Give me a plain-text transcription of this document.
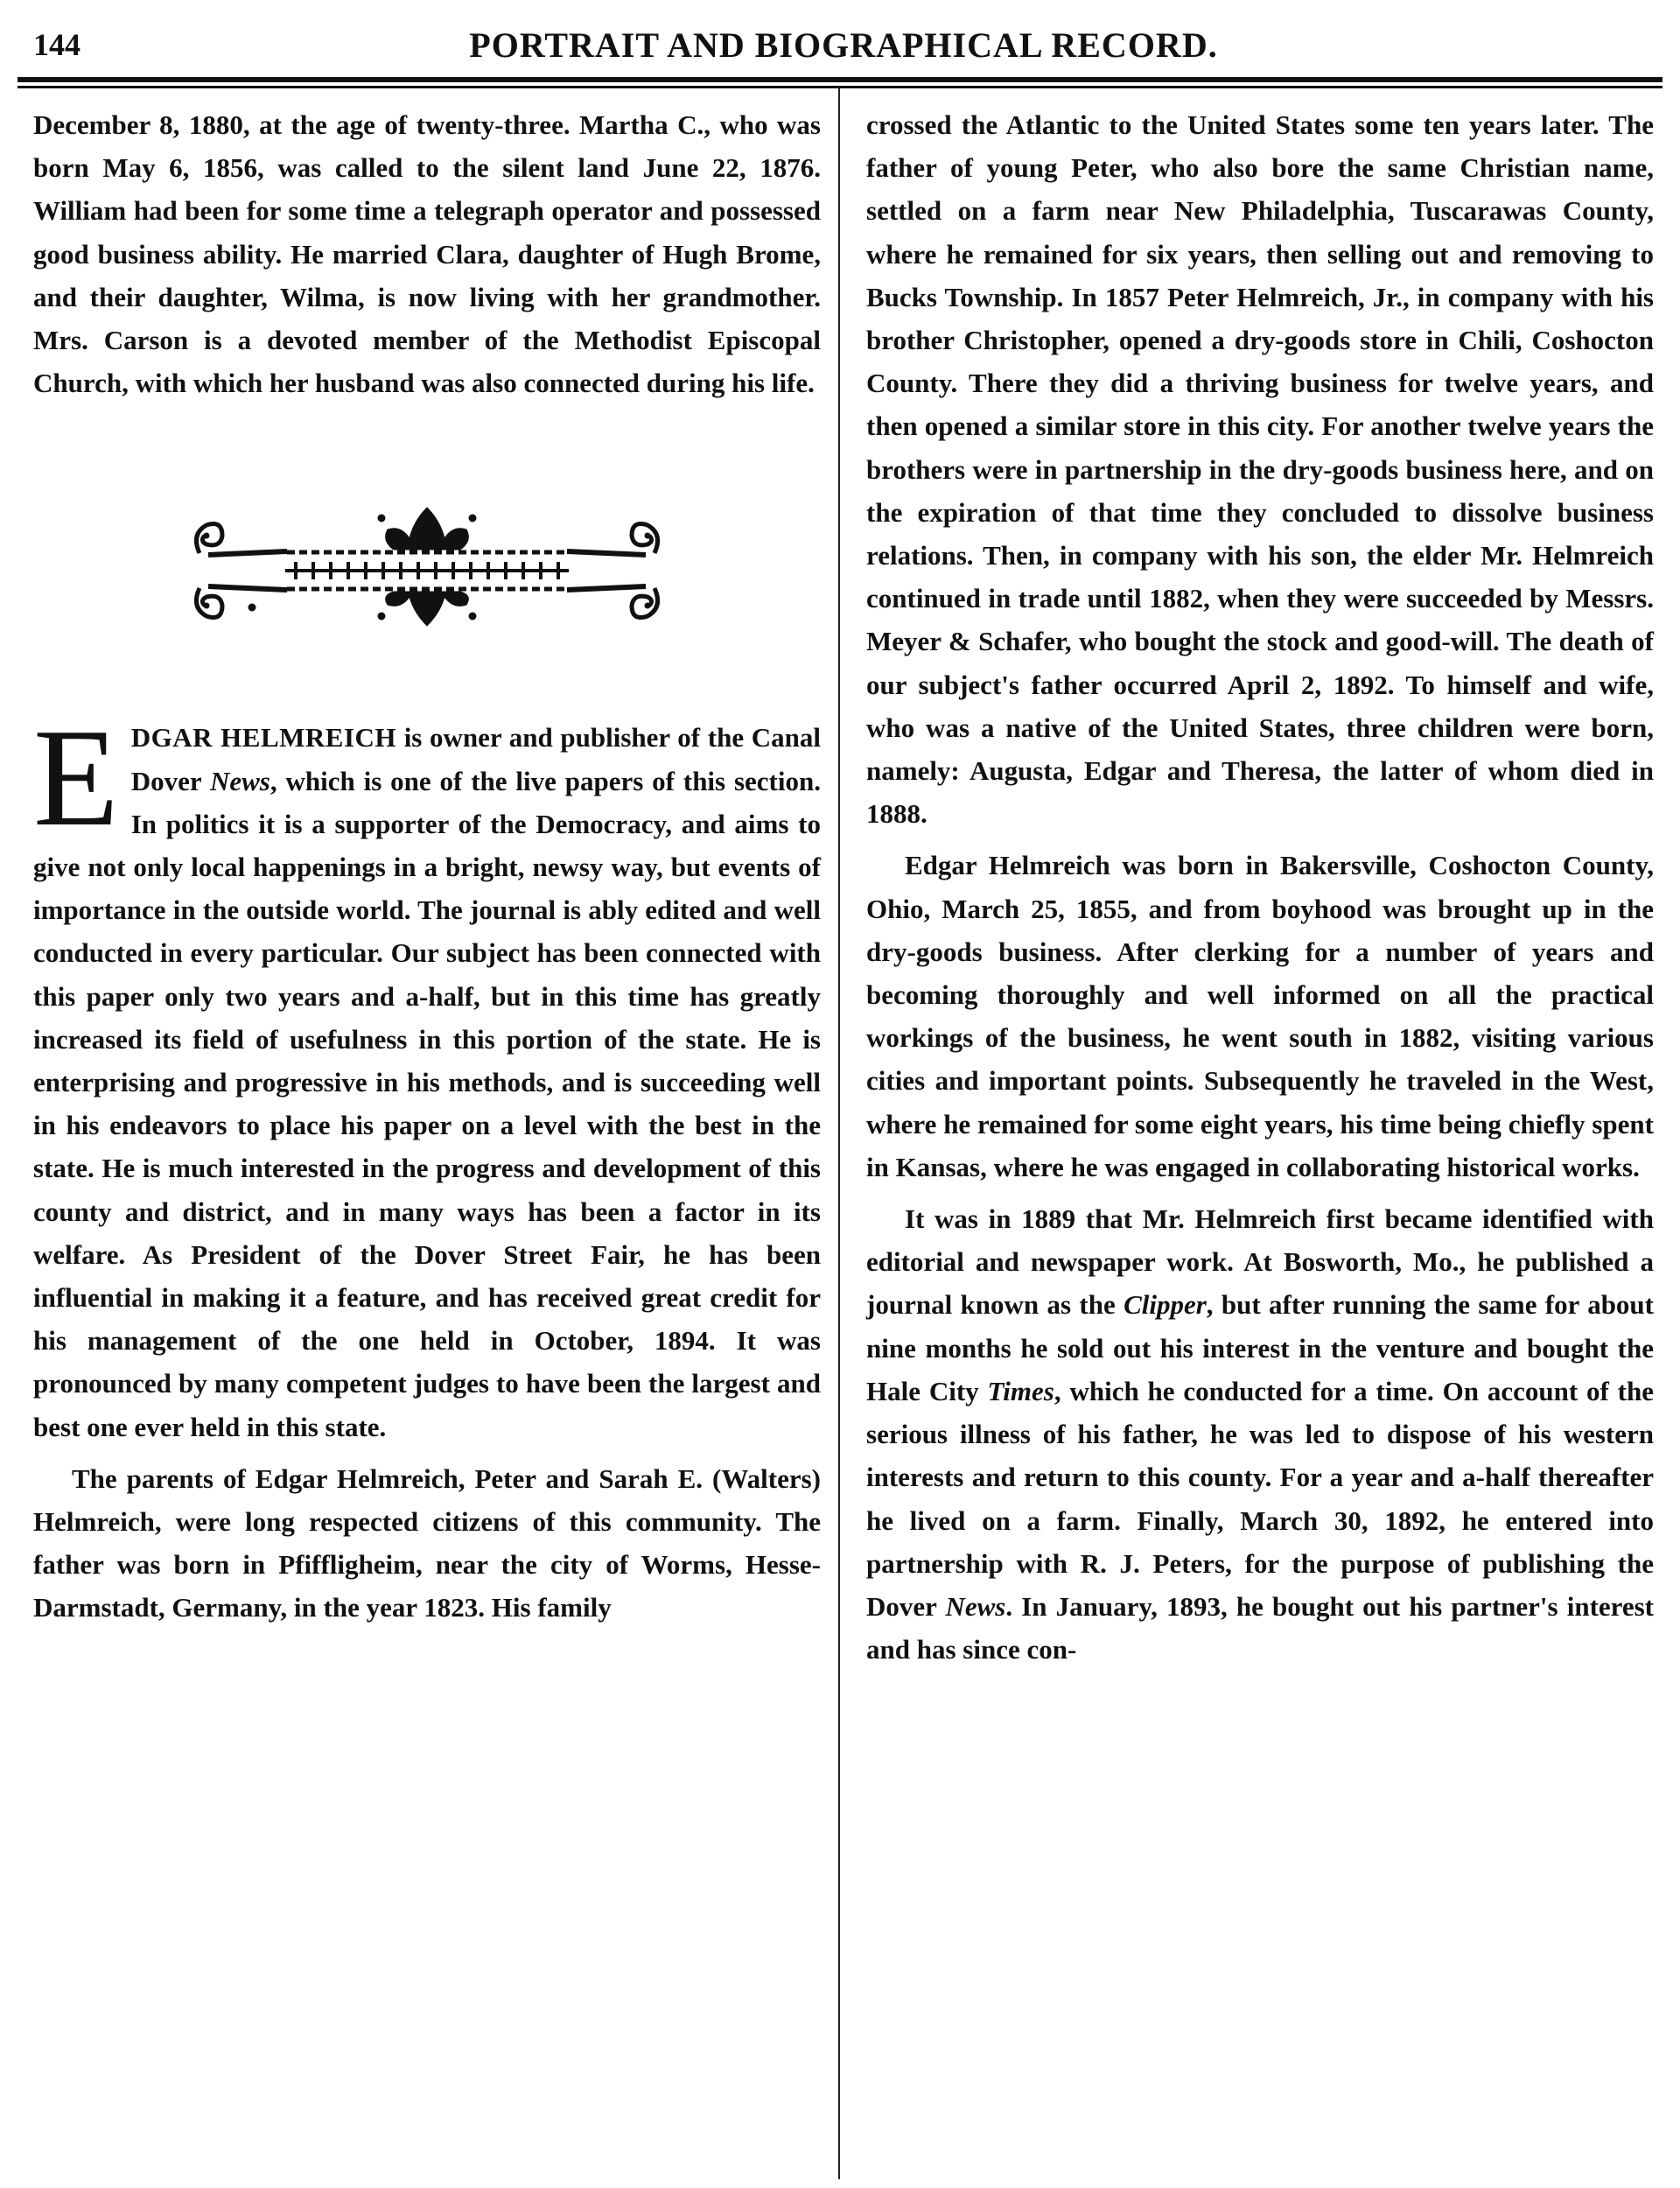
144	PORTRAIT AND BIOGRAPHICAL RECORD.

December 8, 1880, at the age of twenty-three. Martha C., who was born May 6, 1856, was called to the silent land June 22, 1876. William had been for some time a telegraph operator and possessed good business ability. He married Clara, daughter of Hugh Brome, and their daughter, Wilma, is now living with her grandmother. Mrs. Carson is a devoted member of the Methodist Episcopal Church, with which her husband was also connected during his life.

EDGAR HELMREICH is owner and publisher of the Canal Dover News, which is one of the live papers of this section. In politics it is a supporter of the Democracy, and aims to give not only local happenings in a bright, newsy way, but events of importance in the outside world. The journal is ably edited and well conducted in every particular. Our subject has been connected with this paper only two years and a-half, but in this time has greatly increased its field of usefulness in this portion of the state. He is enterprising and progressive in his methods, and is succeeding well in his endeavors to place his paper on a level with the best in the state. He is much interested in the progress and development of this county and district, and in many ways has been a factor in its welfare. As President of the Dover Street Fair, he has been influential in making it a feature, and has received great credit for his management of the one held in October, 1894. It was pronounced by many competent judges to have been the largest and best one ever held in this state.

The parents of Edgar Helmreich, Peter and Sarah E. (Walters) Helmreich, were long respected citizens of this community. The father was born in Pfiffligheim, near the city of Worms, Hesse-Darmstadt, Germany, in the year 1823. His family

crossed the Atlantic to the United States some ten years later. The father of young Peter, who also bore the same Christian name, settled on a farm near New Philadelphia, Tuscarawas County, where he remained for six years, then selling out and removing to Bucks Township. In 1857 Peter Helmreich, Jr., in company with his brother Christopher, opened a dry-goods store in Chili, Coshocton County. There they did a thriving business for twelve years, and then opened a similar store in this city. For another twelve years the brothers were in partnership in the dry-goods business here, and on the expiration of that time they concluded to dissolve business relations. Then, in company with his son, the elder Mr. Helmreich continued in trade until 1882, when they were succeeded by Messrs. Meyer & Schafer, who bought the stock and good-will. The death of our subject's father occurred April 2, 1892. To himself and wife, who was a native of the United States, three children were born, namely: Augusta, Edgar and Theresa, the latter of whom died in 1888.

Edgar Helmreich was born in Bakersville, Coshocton County, Ohio, March 25, 1855, and from boyhood was brought up in the dry-goods business. After clerking for a number of years and becoming thoroughly and well informed on all the practical workings of the business, he went south in 1882, visiting various cities and important points. Subsequently he traveled in the West, where he remained for some eight years, his time being chiefly spent in Kansas, where he was engaged in collaborating historical works.

It was in 1889 that Mr. Helmreich first became identified with editorial and newspaper work. At Bosworth, Mo., he published a journal known as the Clipper, but after running the same for about nine months he sold out his interest in the venture and bought the Hale City Times, which he conducted for a time. On account of the serious illness of his father, he was led to dispose of his western interests and return to this county. For a year and a-half thereafter he lived on a farm. Finally, March 30, 1892, he entered into partnership with R. J. Peters, for the purpose of publishing the Dover News. In January, 1893, he bought out his partner's interest and has since con-
